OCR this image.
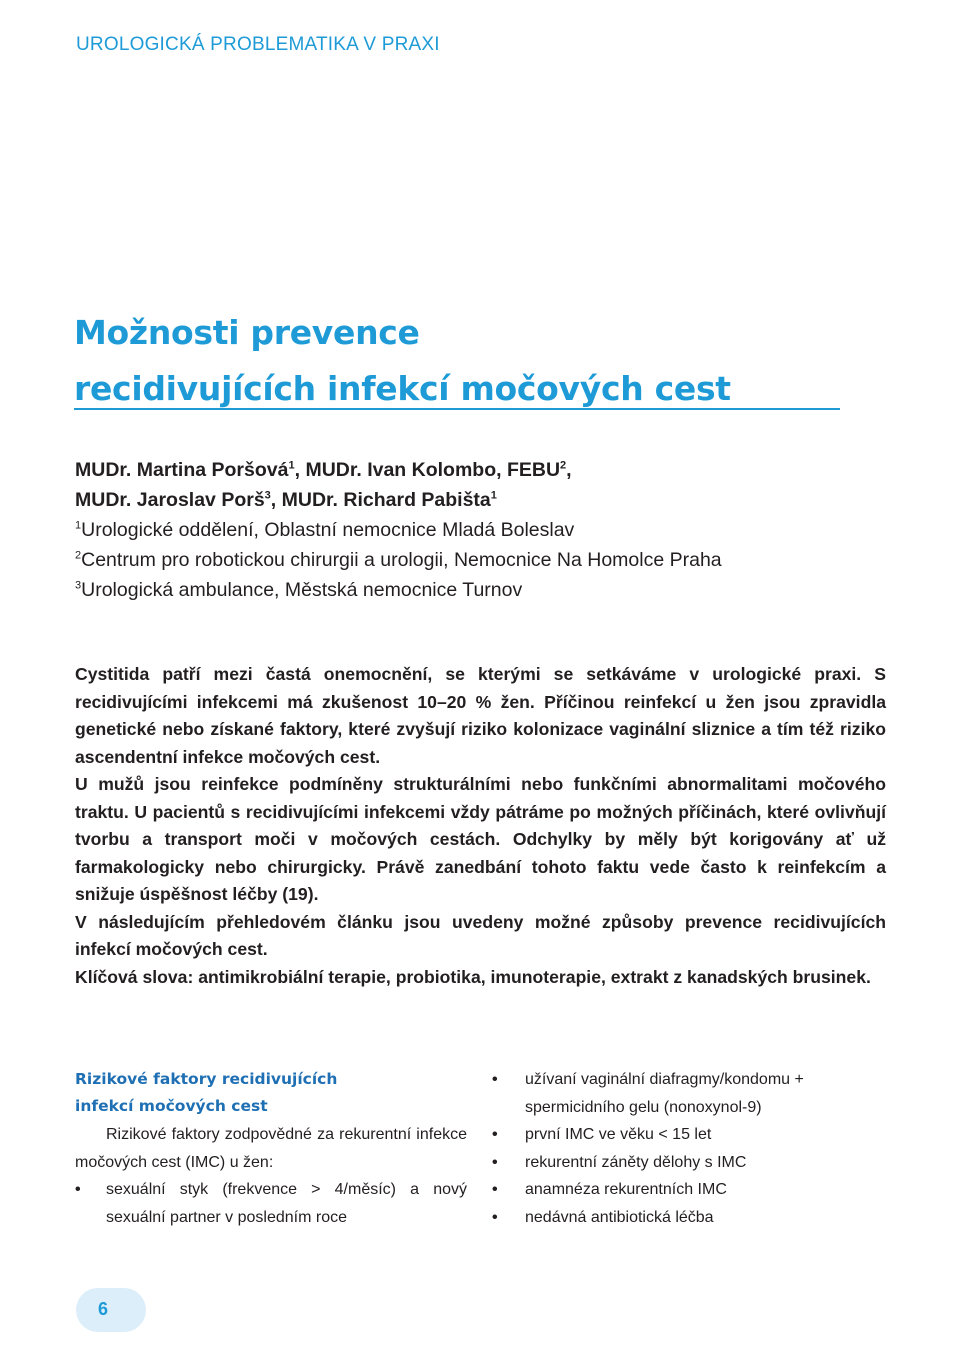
UROLOGICKÁ PROBLEMATIKA V PRAXI
Možnosti prevence
recidivujících infekcí močových cest
MUDr. Martina Poršová$^1$, MUDr. Ivan Kolombo, FEBU$^2$,
MUDr. Jaroslav Porš$^3$, MUDr. Richard Pabišta$^1$
$^1$Urologické oddělení, Oblastní nemocnice Mladá Boleslav
$^2$Centrum pro robotickou chirurgii a urologii, Nemocnice Na Homolce Praha
$^3$Urologická ambulance, Městská nemocnice Turnov

Cystitida patří mezi častá onemocnění, se kterými se setkáváme v urologické praxi. S recidivujícími infekcemi má zkušenost 10–20 % žen. Příčinou reinfekcí u žen jsou zpravidla genetické nebo získané faktory, které zvyšují riziko kolonizace vaginální sliznice a tím též riziko ascendentní infekce močových cest.

U mužů jsou reinfekce podmíněny strukturálními nebo funkčními abnormalitami močového traktu. U pacientů s recidivujícími infekcemi vždy pátráme po možných příčinách, které ovlivňují tvorbu a transport moči v močových cestách. Odchylky by měly být korigovány ať už farmakologicky nebo chirurgicky. Právě zanedbání tohoto faktu vede často k reinfekcím a snižuje úspěšnost léčby (19).

V následujícím přehledovém článku jsou uvedeny možné způsoby prevence recidivujících infekcí močových cest.

Klíčová slova: antimikrobiální terapie, probiotika, imunoterapie, extrakt z kanadských brusinek.

Rizikové faktory recidivujících
infekcí močových cest

Rizikové faktory zodpovědné za rekurentní infekce močových cest (IMC) u žen:

• sexuální styk (frekvence > 4/měsíc) a nový sexuální partner v posledním roce
• užívaní vaginální diafragmy/kondomu + spermicidního gelu (nonoxynol-9)
• první IMC ve věku < 15 let
• rekurentní záněty dělohy s IMC
• anamnéza rekurentních IMC
• nedávná antibiotická léčba
6
